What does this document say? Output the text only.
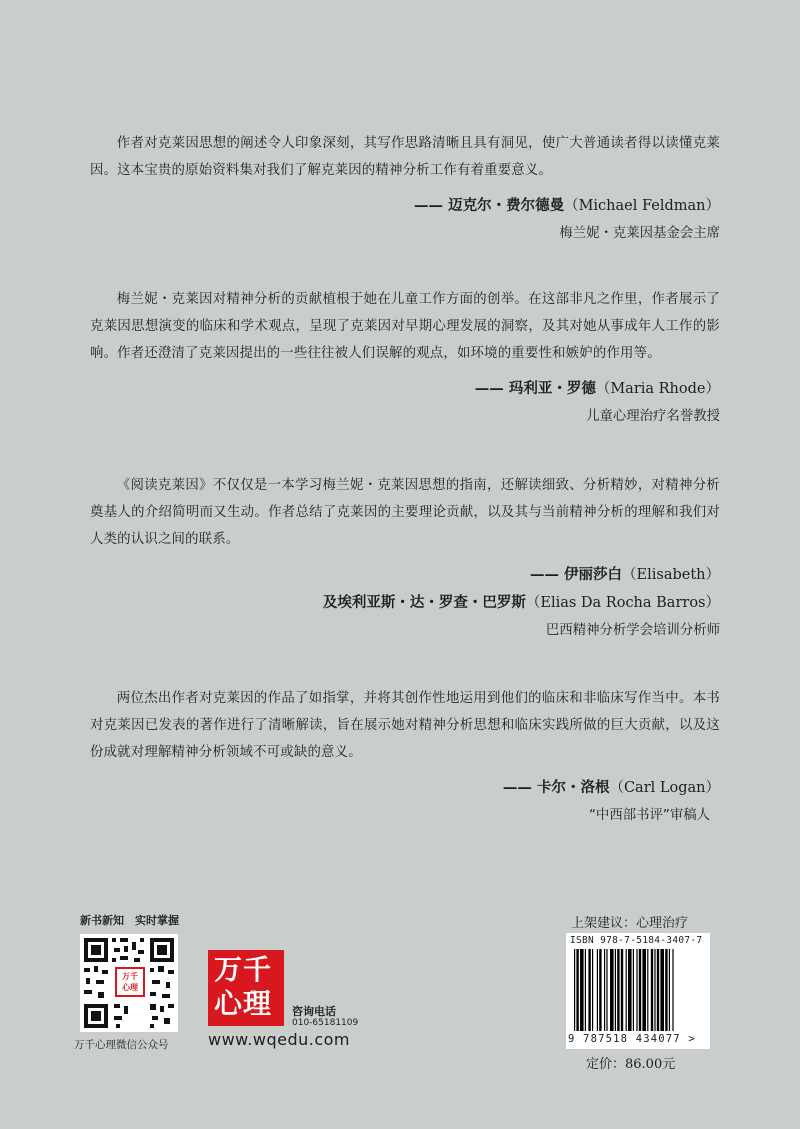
作者对克莱因思想的阐述令人印象深刻，其写作思路清晰且具有洞见，使广大普通读者得以读懂克莱因。这本宝贵的原始资料集对我们了解克莱因的精神分析工作有着重要意义。

—— 迈克尔・费尔德曼（Michael Feldman）
梅兰妮・克莱因基金会主席

梅兰妮・克莱因对精神分析的贡献植根于她在儿童工作方面的创举。在这部非凡之作里，作者展示了克莱因思想演变的临床和学术观点，呈现了克莱因对早期心理发展的洞察，及其对她从事成年人工作的影响。作者还澄清了克莱因提出的一些往往被人们误解的观点，如环境的重要性和嫉妒的作用等。

—— 玛利亚・罗德（Maria Rhode）
儿童心理治疗名誉教授

《阅读克莱因》不仅仅是一本学习梅兰妮・克莱因思想的指南，还解读细致、分析精妙，对精神分析奠基人的介绍简明而又生动。作者总结了克莱因的主要理论贡献，以及其与当前精神分析的理解和我们对人类的认识之间的联系。

—— 伊丽莎白（Elisabeth）
及埃利亚斯・达・罗查・巴罗斯（Elias Da Rocha Barros）
巴西精神分析学会培训分析师

两位杰出作者对克莱因的作品了如指掌，并将其创作性地运用到他们的临床和非临床写作当中。本书对克莱因已发表的著作进行了清晰解读，旨在展示她对精神分析思想和临床实践所做的巨大贡献，以及这份成就对理解精神分析领域不可或缺的意义。

—— 卡尔・洛根（Carl Logan）
“中西部书评”审稿人
新书新知　实时掌握
万千心理
万千心理微信公众号
万千
心理 咨询电话
010-65181109
www.wqedu.com
上架建议：心理治疗
ISBN 978-7-5184-3407-7
9 787518 434077 >
定价：86.00元
